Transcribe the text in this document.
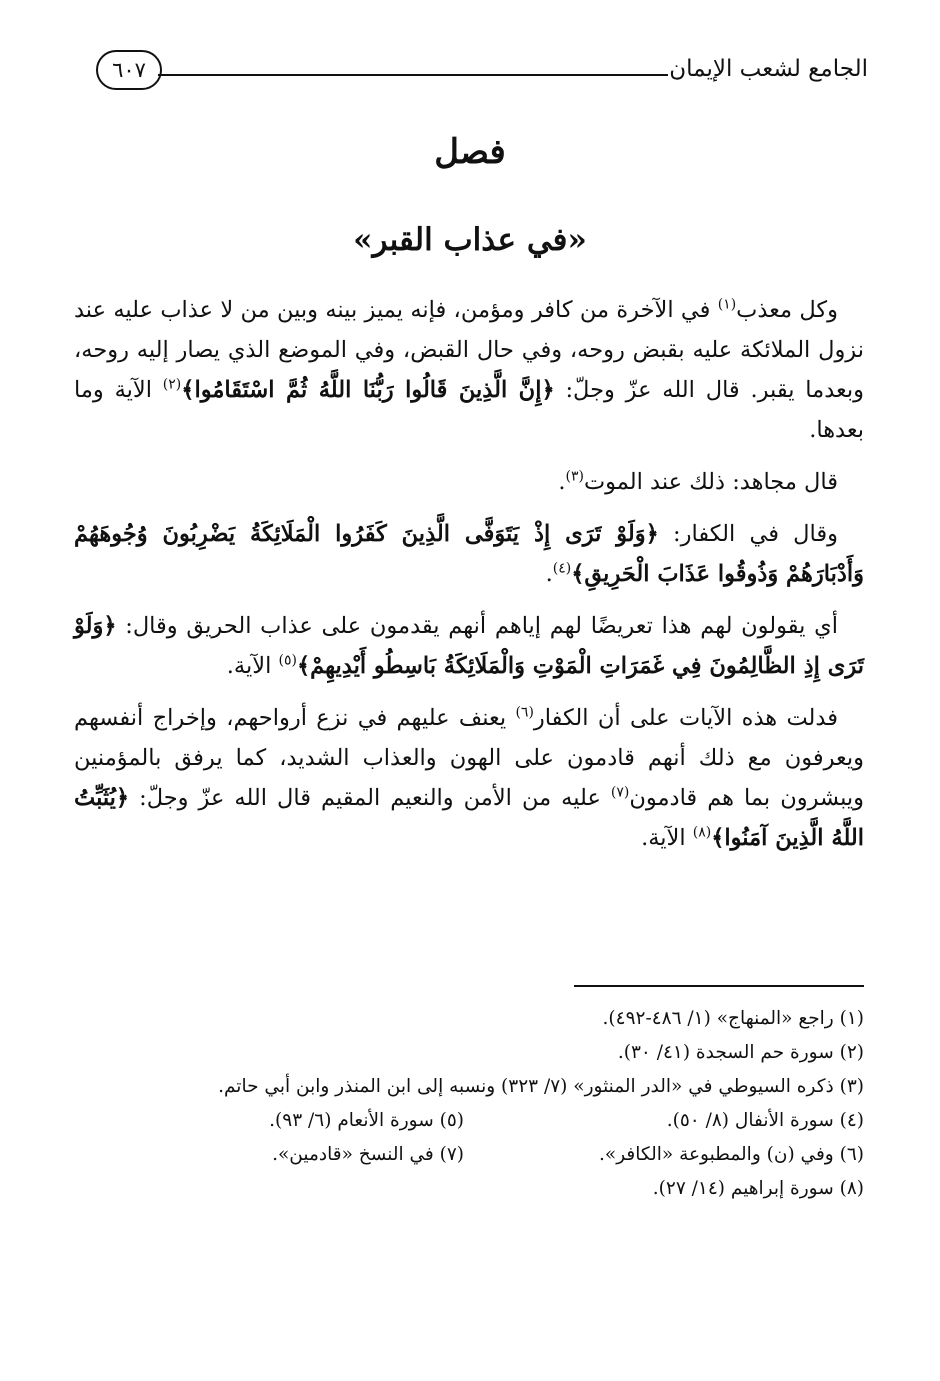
الجامع لشعب الإيمان
٦٠٧
فصل
«في عذاب القبر»

وكل معذب$^{(١)}$ في الآخرة من كافر ومؤمن، فإنه يميز بينه وبين من لا عذاب عليه عند نزول الملائكة عليه بقبض روحه، وفي حال القبض، وفي الموضع الذي يصار إليه روحه، وبعدما يقبر. قال الله عزّ وجلّ: ﴿إِنَّ الَّذِينَ قَالُوا رَبُّنَا اللَّهُ ثُمَّ اسْتَقَامُوا﴾$^{(٢)}$ الآية وما بعدها.

قال مجاهد: ذلك عند الموت$^{(٣)}$.

وقال في الكفار: ﴿وَلَوْ تَرَى إِذْ يَتَوَفَّى الَّذِينَ كَفَرُوا الْمَلَائِكَةُ يَضْرِبُونَ وُجُوهَهُمْ وَأَدْبَارَهُمْ وَذُوقُوا عَذَابَ الْحَرِيقِ﴾$^{(٤)}$.

أي يقولون لهم هذا تعريضًا لهم إياهم أنهم يقدمون على عذاب الحريق وقال: ﴿وَلَوْ تَرَى إِذِ الظَّالِمُونَ فِي غَمَرَاتِ الْمَوْتِ وَالْمَلَائِكَةُ بَاسِطُو أَيْدِيهِمْ﴾$^{(٥)}$ الآية.

فدلت هذه الآيات على أن الكفار$^{(٦)}$ يعنف عليهم في نزع أرواحهم، وإخراج أنفسهم ويعرفون مع ذلك أنهم قادمون على الهون والعذاب الشديد، كما يرفق بالمؤمنين ويبشرون بما هم قادمون$^{(٧)}$ عليه من الأمن والنعيم المقيم قال الله عزّ وجلّ: ﴿يُثَبِّتُ اللَّهُ الَّذِينَ آمَنُوا﴾$^{(٨)}$ الآية.

(١) راجع «المنهاج» (١/ ٤٨٦-٤٩٢).
(٢) سورة حم السجدة (٤١/ ٣٠).
(٣) ذكره السيوطي في «الدر المنثور» (٧/ ٣٢٣) ونسبه إلى ابن المنذر وابن أبي حاتم.
(٤) سورة الأنفال (٨/ ٥٠).
(٥) سورة الأنعام (٦/ ٩٣).
(٦) وفي (ن) والمطبوعة «الكافر».
(٧) في النسخ «قادمين».
(٨) سورة إبراهيم (١٤/ ٢٧).
